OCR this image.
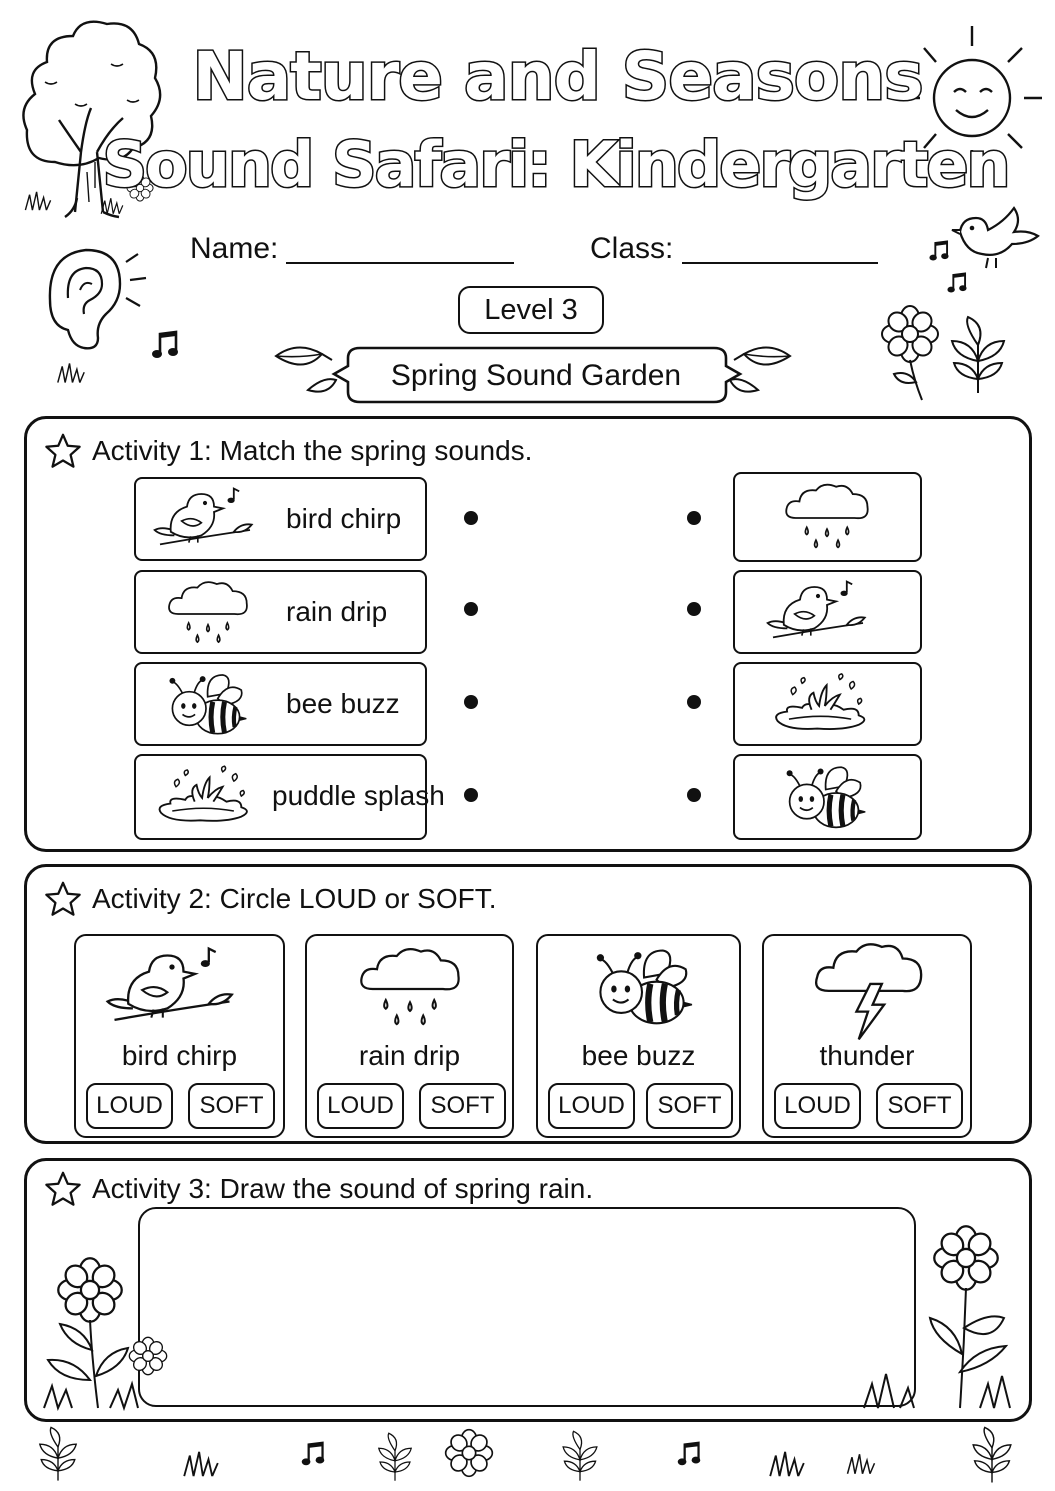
Nature and Seasons
Sound Safari: Kindergarten
Name:	Class:
Level 3
Spring Sound Garden
Activity 1: Match the spring sounds.
bird chirp
rain drip
bee buzz
puddle splash
Activity 2: Circle LOUD or SOFT.
bird chirp
LOUD	SOFT
rain drip
LOUD	SOFT
bee buzz
LOUD	SOFT
thunder
LOUD	SOFT
Activity 3: Draw the sound of spring rain.
